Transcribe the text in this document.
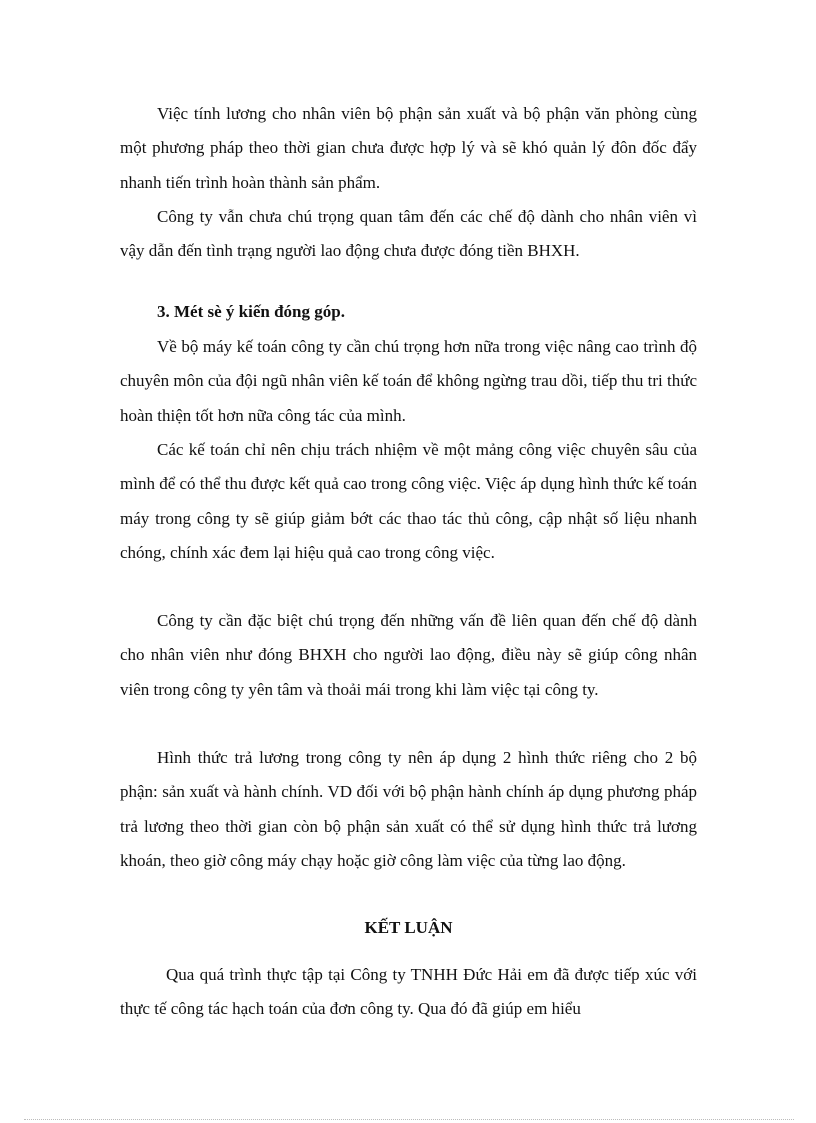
Việc tính lương cho nhân viên bộ phận sản xuất và bộ phận văn phòng cùng một phương pháp theo thời gian chưa được hợp lý và sẽ khó quản lý đôn đốc đẩy nhanh tiến trình hoàn thành sản phẩm.

Công ty vẫn chưa chú trọng quan tâm đến các chế độ dành cho nhân viên vì vậy dẫn đến tình trạng người lao động chưa được đóng tiền BHXH.

3. Mét sè ý kiến đóng góp.

Về bộ máy kế toán công ty cần chú trọng hơn nữa trong việc nâng cao trình độ chuyên môn của đội ngũ nhân viên kế toán để không ngừng trau dồi, tiếp thu tri thức hoàn thiện tốt hơn nữa công tác của mình.

Các kế toán chỉ nên chịu trách nhiệm về một mảng công việc chuyên sâu của mình để có thể thu được kết quả cao trong công việc. Việc áp dụng hình thức kế toán máy trong công ty sẽ giúp giảm bớt các thao tác thủ công, cập nhật số liệu nhanh chóng, chính xác đem lại hiệu quả cao trong công việc.

Công ty cần đặc biệt chú trọng đến những vấn đề liên quan đến chế độ dành cho nhân viên như đóng BHXH cho người lao động, điều này sẽ giúp công nhân viên trong công ty yên tâm và thoải mái trong khi làm việc tại công ty.

Hình thức trả lương trong công ty nên áp dụng 2 hình thức riêng cho 2 bộ phận: sản xuất và hành chính. VD đối với bộ phận hành chính áp dụng phương pháp trả lương theo thời gian còn bộ phận sản xuất có thể sử dụng hình thức trả lương khoán, theo giờ công máy chạy hoặc giờ công làm việc của từng lao động.

KẾT LUẬN

Qua quá trình thực tập tại Công ty TNHH Đức Hải em đã được tiếp xúc với thực tế công tác hạch toán của đơn công ty. Qua đó đã giúp em hiểu
